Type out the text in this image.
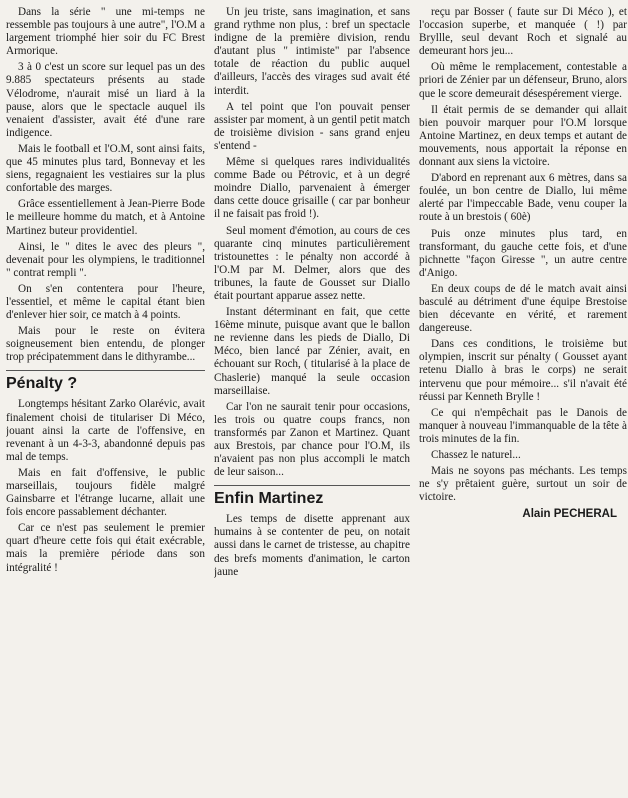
Dans la série " une mi-temps ne ressemble pas toujours à une autre", l'O.M a largement triomphé hier soir du FC Brest Armorique.

3 à 0 c'est un score sur lequel pas un des 9.885 spectateurs présents au stade Vélodrome, n'aurait misé un liard à la pause, alors que le spectacle auquel ils venaient d'assister, avait été d'une rare indigence.

Mais le football et l'O.M, sont ainsi faits, que 45 minutes plus tard, Bonnevay et les siens, regagnaient les vestiaires sur la plus confortable des marges.

Grâce essentiellement à Jean-Pierre Bode le meilleure homme du match, et à Antoine Martinez buteur providentiel.

Ainsi, le " dites le avec des pleurs ", devenait pour les olympiens, le traditionnel " contrat rempli ".

On s'en contentera pour l'heure, l'essentiel, et même le capital étant bien d'enlever hier soir, ce match à 4 points.

Mais pour le reste on évitera soigneusement bien entendu, de plonger trop précipatemment dans le dithyrambe...

Pénalty ?

Longtemps hésitant Zarko Olarévic, avait finalement choisi de titulariser Di Méco, jouant ainsi la carte de l'offensive, en revenant à un 4-3-3, abandonné depuis pas mal de temps.

Mais en fait d'offensive, le public marseillais, toujours fidèle malgré Gainsbarre et l'étrange lucarne, allait une fois encore passablement déchanter.

Car ce n'est pas seulement le premier quart d'heure cette fois qui était exécrable, mais la première période dans son intégralité !

Un jeu triste, sans imagination, et sans grand rythme non plus, : bref un spectacle indigne de la première division, rendu d'autant plus " intimiste" par l'absence totale de réaction du public auquel d'ailleurs, l'accès des virages sud avait été interdit.

A tel point que l'on pouvait penser assister par moment, à un gentil petit match de troisième division - sans grand enjeu s'entend -

Même si quelques rares individualités comme Bade ou Pétrovic, et à un degré moindre Diallo, parvenaient à émerger dans cette douce grisaille ( car par bonheur il ne faisait pas froid !).

Seul moment d'émotion, au cours de ces quarante cinq minutes particulièrement tristounettes : le pénalty non accordé à l'O.M par M. Delmer, alors que des tribunes, la faute de Gousset sur Diallo était pourtant apparue assez nette.

Instant déterminant en fait, que cette 16ème minute, puisque avant que le ballon ne revienne dans les pieds de Diallo, Di Méco, bien lancé par Zénier, avait, en échouant sur Roch, ( titularisé à la place de Chaslerie) manqué la seule occasion marseillaise.

Car l'on ne saurait tenir pour occasions, les trois ou quatre coups francs, non transformés par Zanon et Martinez. Quant aux Brestois, par chance pour l'O.M, ils n'avaient pas non plus accompli le match de leur saison...

Enfin Martinez

Les temps de disette apprenant aux humains à se contenter de peu, on notait aussi dans le carnet de tristesse, au chapitre des brefs moments d'animation, le carton jaune

reçu par Bosser ( faute sur Di Méco ), et l'occasion superbe, et manquée ( !) par Bryllle, seul devant Roch et signalé au demeurant hors jeu...

Où même le remplacement, contestable a priori de Zénier par un défenseur, Bruno, alors que le score demeurait désespérement vierge.

Il était permis de se demander qui allait bien pouvoir marquer pour l'O.M lorsque Antoine Martinez, en deux temps et autant de mouvements, nous apportait la réponse en donnant aux siens la victoire.

D'abord en reprenant aux 6 mètres, dans sa foulée, un bon centre de Diallo, lui même alerté par l'impeccable Bade, venu couper la route à un brestois ( 60è)

Puis onze minutes plus tard, en transformant, du gauche cette fois, et d'une pichnette "façon Giresse ", un autre centre d'Anigo.

En deux coups de dé le match avait ainsi basculé au détriment d'une équipe Brestoise bien décevante en vérité, et rarement dangereuse.

Dans ces conditions, le troisième but olympien, inscrit sur pénalty ( Gousset ayant retenu Diallo à bras le corps) ne serait intervenu que pour mémoire... s'il n'avait été réussi par Kenneth Brylle !

Ce qui n'empêchait pas le Danois de manquer à nouveau l'immanquable de la tête à trois minutes de la fin.

Chassez le naturel...

Mais ne soyons pas méchants. Les temps ne s'y prêtaient guère, surtout un soir de victoire.

Alain PECHERAL
